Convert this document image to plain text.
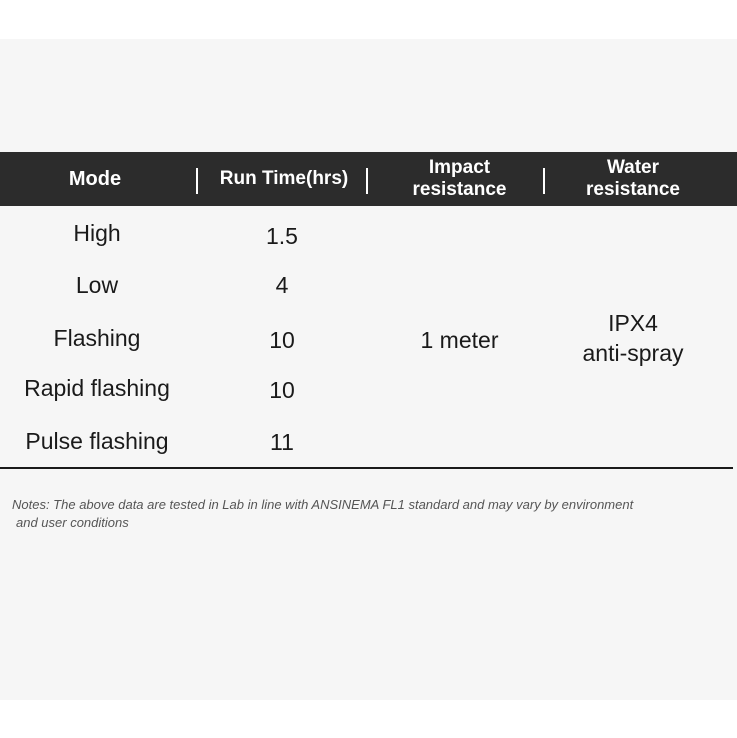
Mode	Run Time(hrs)
Impact
resistance
Water
resistance
High
Low
Flashing
Rapid flashing
Pulse flashing
1.5
4
10
10
11
1 meter
IPX4
anti-spray
Notes: The above data are tested in Lab in line with ANSINEMA FL1 standard and may vary by environment
and user conditions
